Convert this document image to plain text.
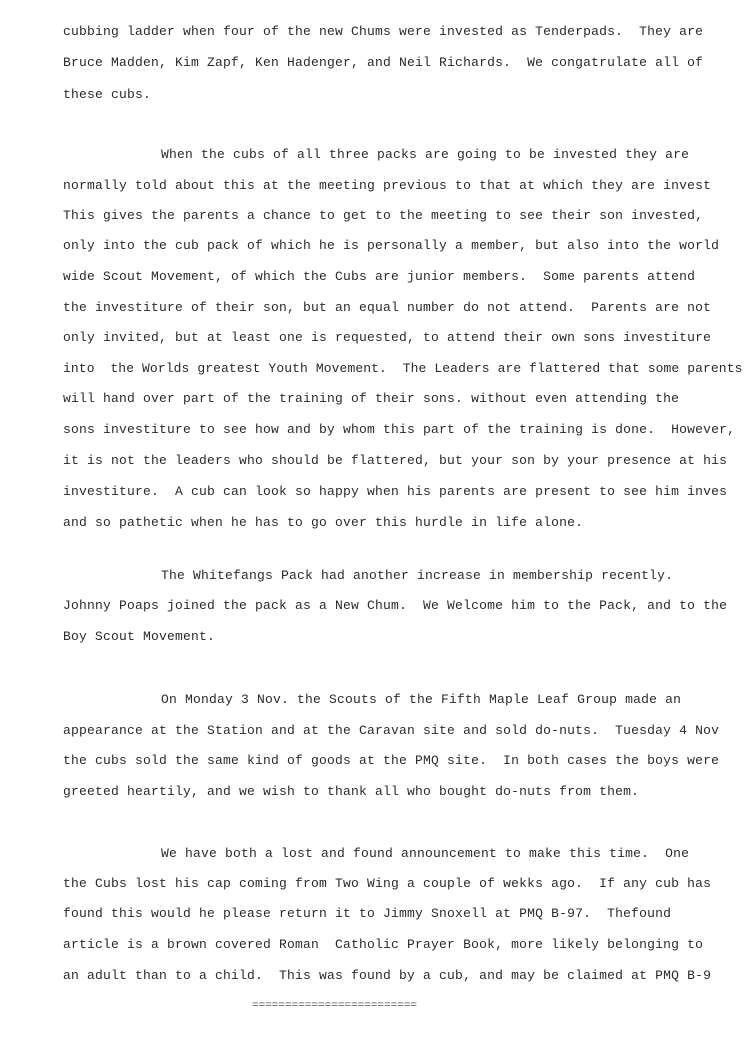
cubbing ladder when four of the new Chums were invested as Tenderpads.  They are
Bruce Madden, Kim Zapf, Ken Hadenger, and Neil Richards.  We congatrulate all of
these cubs.
When the cubs of all three packs are going to be invested they are
normally told about this at the meeting previous to that at which they are invest
This gives the parents a chance to get to the meeting to see their son invested,
only into the cub pack of which he is personally a member, but also into the world
wide Scout Movement, of which the Cubs are junior members.  Some parents attend
the investiture of their son, but an equal number do not attend.  Parents are not
only invited, but at least one is requested, to attend their own sons investiture
into  the Worlds greatest Youth Movement.  The Leaders are flattered that some parents
will hand over part of the training of their sons. without even attending the
sons investiture to see how and by whom this part of the training is done.  However,
it is not the leaders who should be flattered, but your son by your presence at his
investiture.  A cub can look so happy when his parents are present to see him inves
and so pathetic when he has to go over this hurdle in life alone.
The Whitefangs Pack had another increase in membership recently.
Johnny Poaps joined the pack as a New Chum.  We Welcome him to the Pack, and to the
Boy Scout Movement.
On Monday 3 Nov. the Scouts of the Fifth Maple Leaf Group made an
appearance at the Station and at the Caravan site and sold do-nuts.  Tuesday 4 Nov
the cubs sold the same kind of goods at the PMQ site.  In both cases the boys were
greeted heartily, and we wish to thank all who bought do-nuts from them.
We have both a lost and found announcement to make this time.  One
the Cubs lost his cap coming from Two Wing a couple of wekks ago.  If any cub has
found this would he please return it to Jimmy Snoxell at PMQ B-97.  Thefound
article is a brown covered Roman  Catholic Prayer Book, more likely belonging to
an adult than to a child.  This was found by a cub, and may be claimed at PMQ B-9
=========================
